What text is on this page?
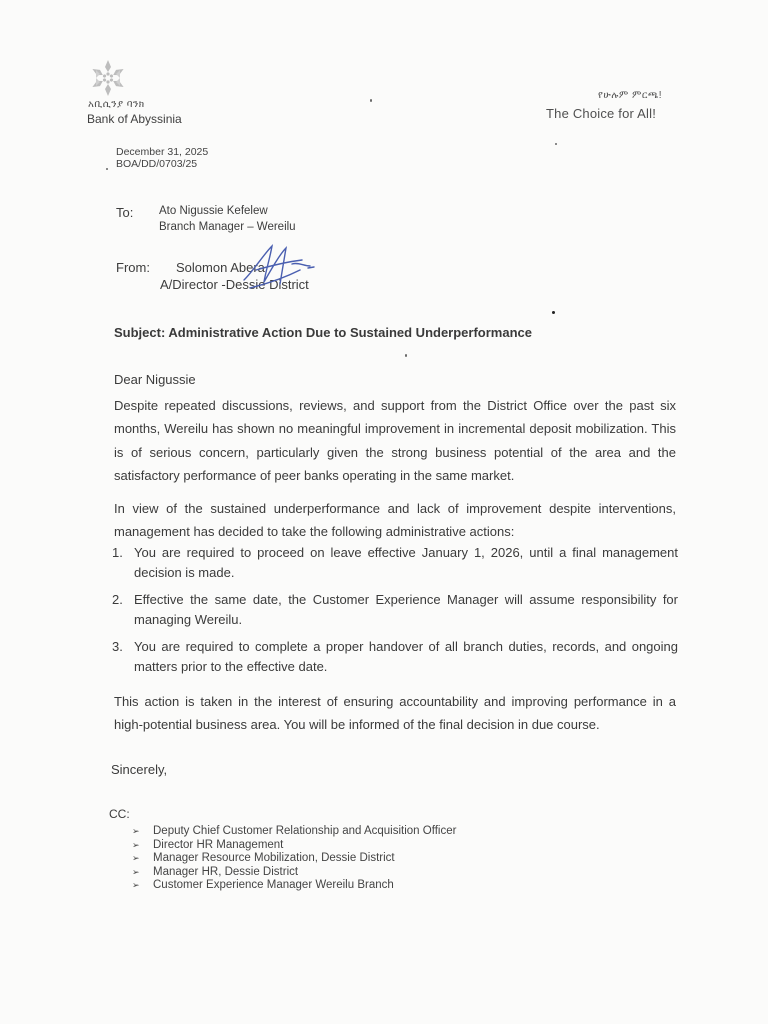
አቢሲንያ ባንክ
Bank of Abyssinia
የሁሉም ምርጫ!
The Choice for All!
December 31, 2025
BOA/DD/0703/25
To: Ato Nigussie Kefelew
Branch Manager – Wereilu
From: Solomon Abera
A/Director -Dessie District
Subject: Administrative Action Due to Sustained Underperformance
Dear Nigussie
Despite repeated discussions, reviews, and support from the District Office over the past six months, Wereilu has shown no meaningful improvement in incremental deposit mobilization. This is of serious concern, particularly given the strong business potential of the area and the satisfactory performance of peer banks operating in the same market.
In view of the sustained underperformance and lack of improvement despite interventions, management has decided to take the following administrative actions:
1. You are required to proceed on leave effective January 1, 2026, until a final management decision is made.
2. Effective the same date, the Customer Experience Manager will assume responsibility for managing Wereilu.
3. You are required to complete a proper handover of all branch duties, records, and ongoing matters prior to the effective date.
This action is taken in the interest of ensuring accountability and improving performance in a high-potential business area. You will be informed of the final decision in due course.
Sincerely,
CC:
➢ Deputy Chief Customer Relationship and Acquisition Officer
➢ Director HR Management
➢ Manager Resource Mobilization, Dessie District
➢ Manager HR, Dessie District
➢ Customer Experience Manager Wereilu Branch
